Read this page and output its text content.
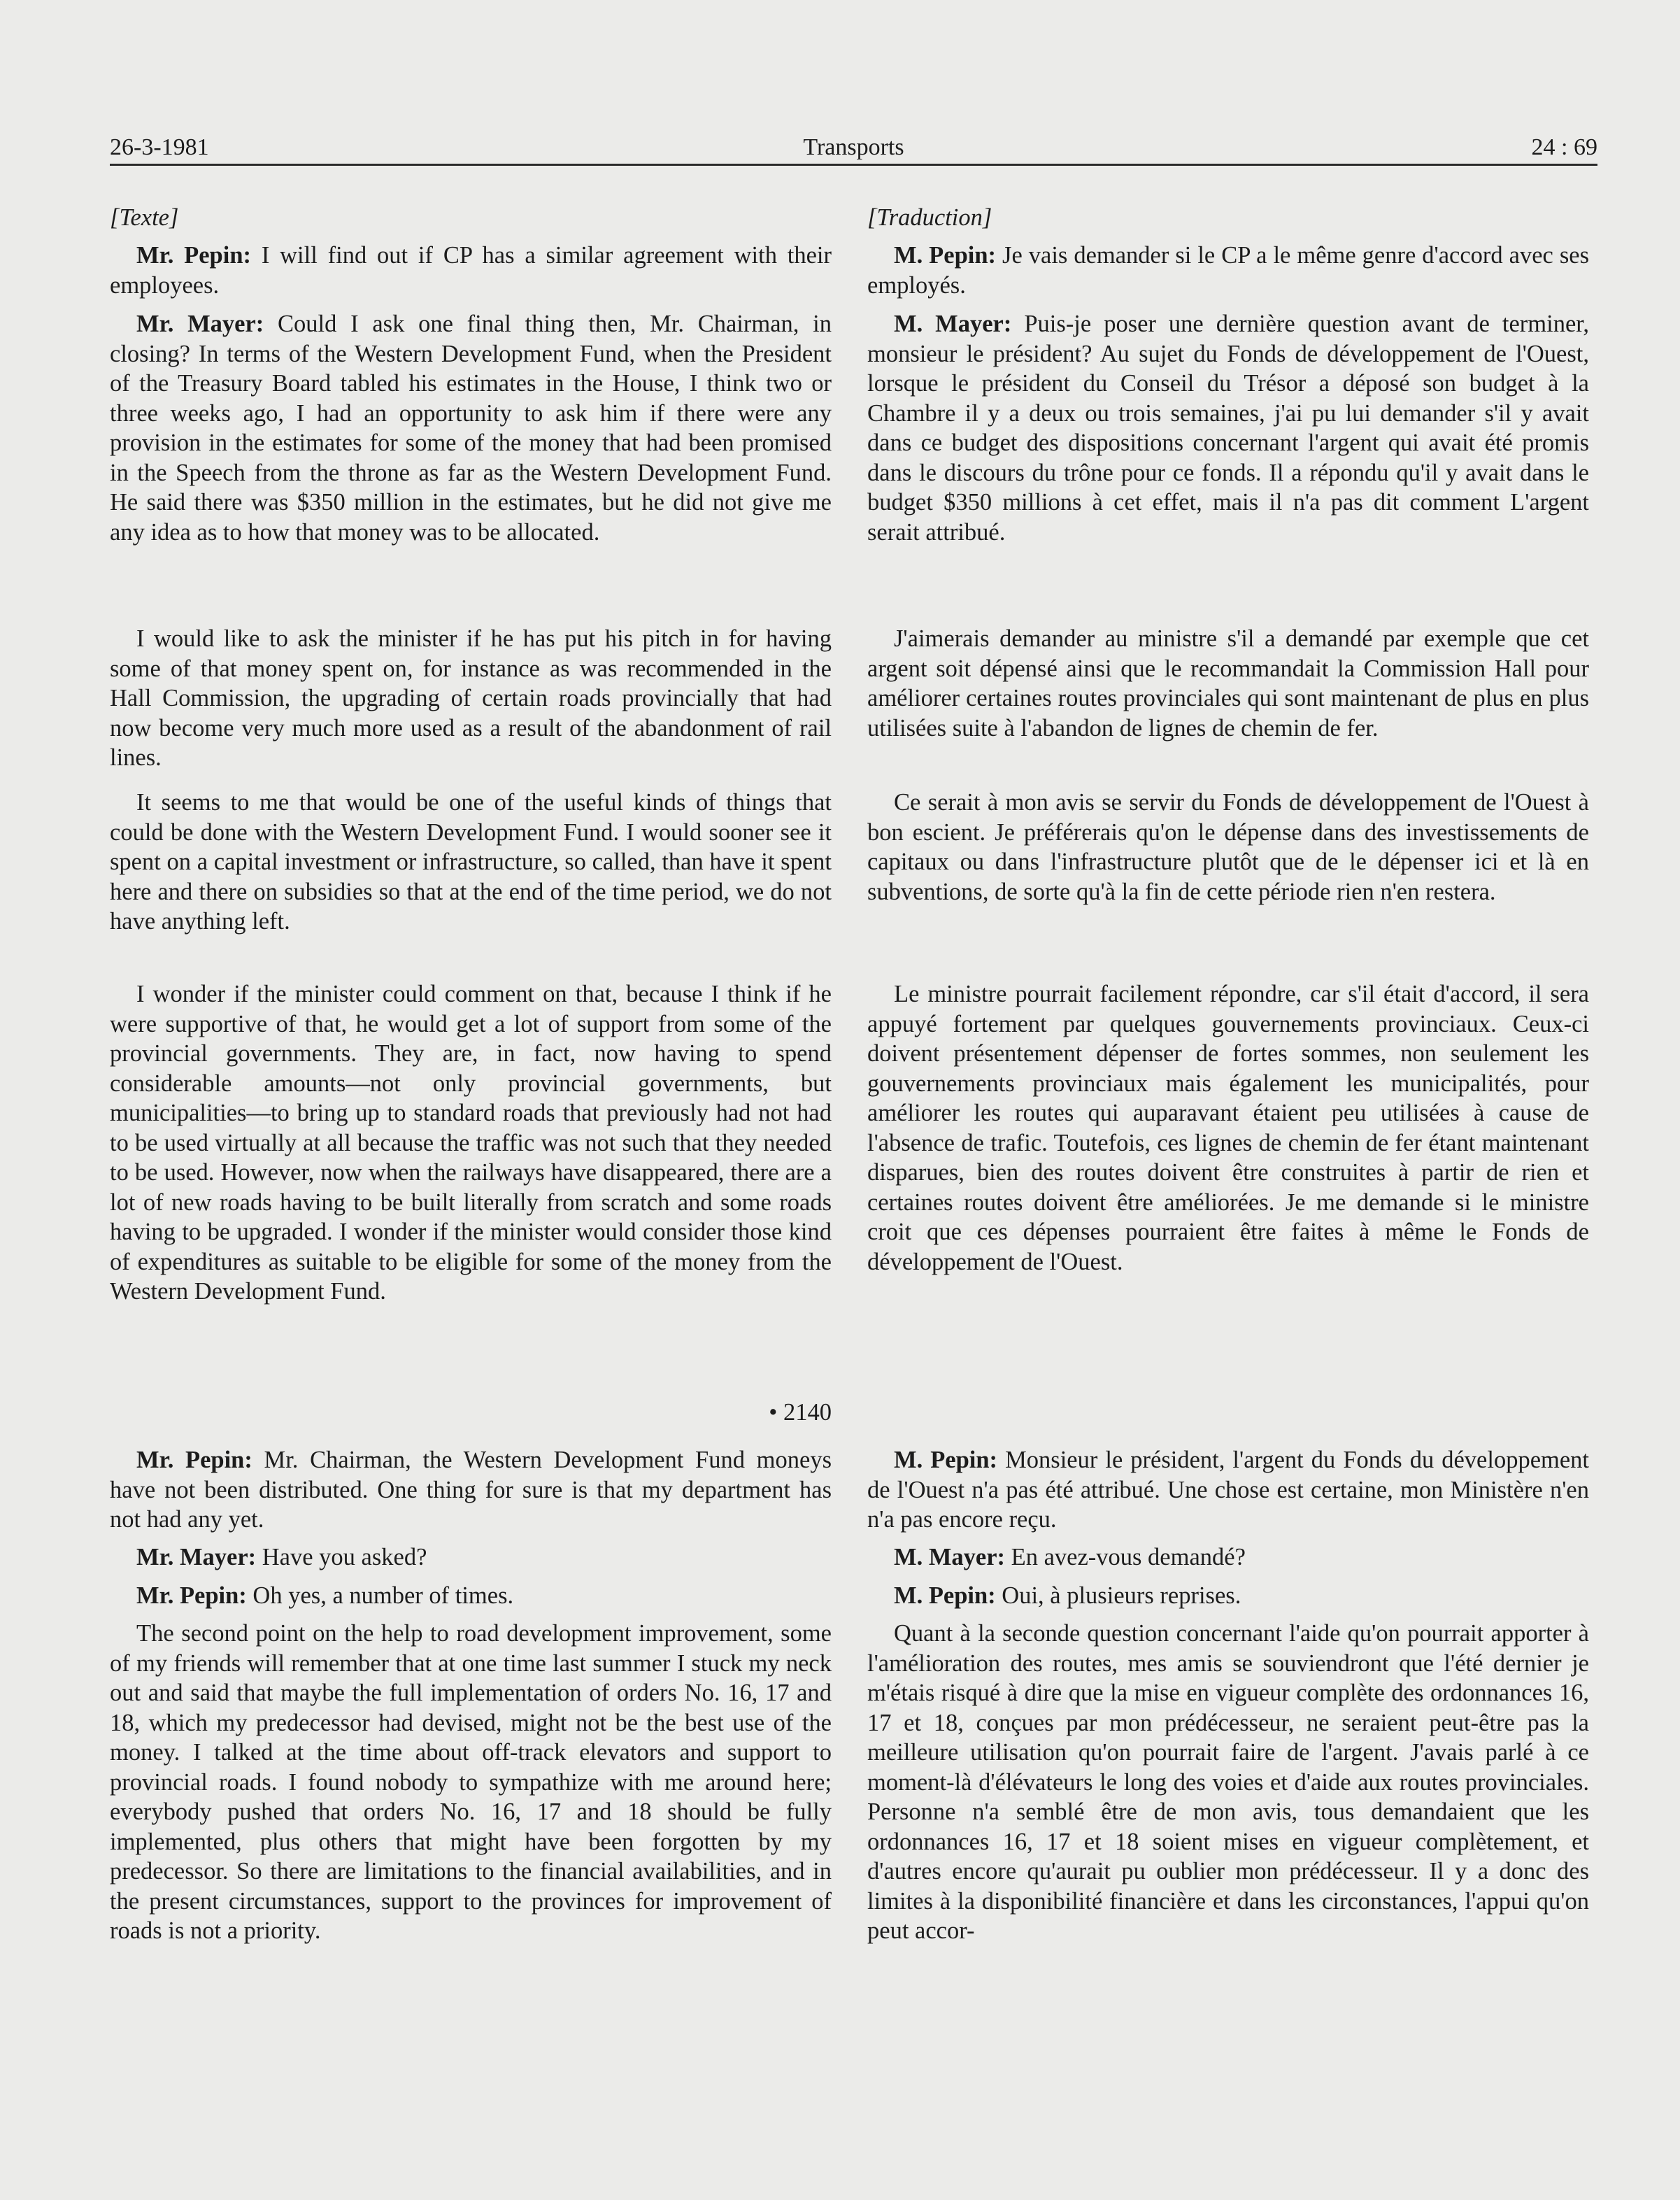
26-3-1981	Transports	24 : 69
[Texte]
Mr. Pepin: I will find out if CP has a similar agreement with their employees.
Mr. Mayer: Could I ask one final thing then, Mr. Chairman, in closing? In terms of the Western Development Fund, when the President of the Treasury Board tabled his estimates in the House, I think two or three weeks ago, I had an opportunity to ask him if there were any provision in the estimates for some of the money that had been promised in the Speech from the throne as far as the Western Development Fund. He said there was $350 million in the estimates, but he did not give me any idea as to how that money was to be allocated.
I would like to ask the minister if he has put his pitch in for having some of that money spent on, for instance as was recommended in the Hall Commission, the upgrading of certain roads provincially that had now become very much more used as a result of the abandonment of rail lines.
It seems to me that would be one of the useful kinds of things that could be done with the Western Development Fund. I would sooner see it spent on a capital investment or infrastructure, so called, than have it spent here and there on subsidies so that at the end of the time period, we do not have anything left.
I wonder if the minister could comment on that, because I think if he were supportive of that, he would get a lot of support from some of the provincial governments. They are, in fact, now having to spend considerable amounts—not only provincial governments, but municipalities—to bring up to standard roads that previously had not had to be used virtually at all because the traffic was not such that they needed to be used. However, now when the railways have disappeared, there are a lot of new roads having to be built literally from scratch and some roads having to be upgraded. I wonder if the minister would consider those kind of expenditures as suitable to be eligible for some of the money from the Western Development Fund.
• 2140
Mr. Pepin: Mr. Chairman, the Western Development Fund moneys have not been distributed. One thing for sure is that my department has not had any yet.
Mr. Mayer: Have you asked?
Mr. Pepin: Oh yes, a number of times.
The second point on the help to road development improvement, some of my friends will remember that at one time last summer I stuck my neck out and said that maybe the full implementation of orders No. 16, 17 and 18, which my predecessor had devised, might not be the best use of the money. I talked at the time about off-track elevators and support to provincial roads. I found nobody to sympathize with me around here; everybody pushed that orders No. 16, 17 and 18 should be fully implemented, plus others that might have been forgotten by my predecessor. So there are limitations to the financial availabilities, and in the present circumstances, support to the provinces for improvement of roads is not a priority.
[Traduction]
M. Pepin: Je vais demander si le CP a le même genre d'accord avec ses employés.
M. Mayer: Puis-je poser une dernière question avant de terminer, monsieur le président? Au sujet du Fonds de développement de l'Ouest, lorsque le président du Conseil du Trésor a déposé son budget à la Chambre il y a deux ou trois semaines, j'ai pu lui demander s'il y avait dans ce budget des dispositions concernant l'argent qui avait été promis dans le discours du trône pour ce fonds. Il a répondu qu'il y avait dans le budget $350 millions à cet effet, mais il n'a pas dit comment L'argent serait attribué.
J'aimerais demander au ministre s'il a demandé par exemple que cet argent soit dépensé ainsi que le recommandait la Commission Hall pour améliorer certaines routes provinciales qui sont maintenant de plus en plus utilisées suite à l'abandon de lignes de chemin de fer.
Ce serait à mon avis se servir du Fonds de développement de l'Ouest à bon escient. Je préférerais qu'on le dépense dans des investissements de capitaux ou dans l'infrastructure plutôt que de le dépenser ici et là en subventions, de sorte qu'à la fin de cette période rien n'en restera.
Le ministre pourrait facilement répondre, car s'il était d'accord, il sera appuyé fortement par quelques gouvernements provinciaux. Ceux-ci doivent présentement dépenser de fortes sommes, non seulement les gouvernements provinciaux mais également les municipalités, pour améliorer les routes qui auparavant étaient peu utilisées à cause de l'absence de trafic. Toutefois, ces lignes de chemin de fer étant maintenant disparues, bien des routes doivent être construites à partir de rien et certaines routes doivent être améliorées. Je me demande si le ministre croit que ces dépenses pourraient être faites à même le Fonds de développement de l'Ouest.
M. Pepin: Monsieur le président, l'argent du Fonds du développement de l'Ouest n'a pas été attribué. Une chose est certaine, mon Ministère n'en n'a pas encore reçu.
M. Mayer: En avez-vous demandé?
M. Pepin: Oui, à plusieurs reprises.
Quant à la seconde question concernant l'aide qu'on pourrait apporter à l'amélioration des routes, mes amis se souviendront que l'été dernier je m'étais risqué à dire que la mise en vigueur complète des ordonnances 16, 17 et 18, conçues par mon prédécesseur, ne seraient peut-être pas la meilleure utilisation qu'on pourrait faire de l'argent. J'avais parlé à ce moment-là d'élévateurs le long des voies et d'aide aux routes provinciales. Personne n'a semblé être de mon avis, tous demandaient que les ordonnances 16, 17 et 18 soient mises en vigueur complètement, et d'autres encore qu'aurait pu oublier mon prédécesseur. Il y a donc des limites à la disponibilité financière et dans les circonstances, l'appui qu'on peut accor-
